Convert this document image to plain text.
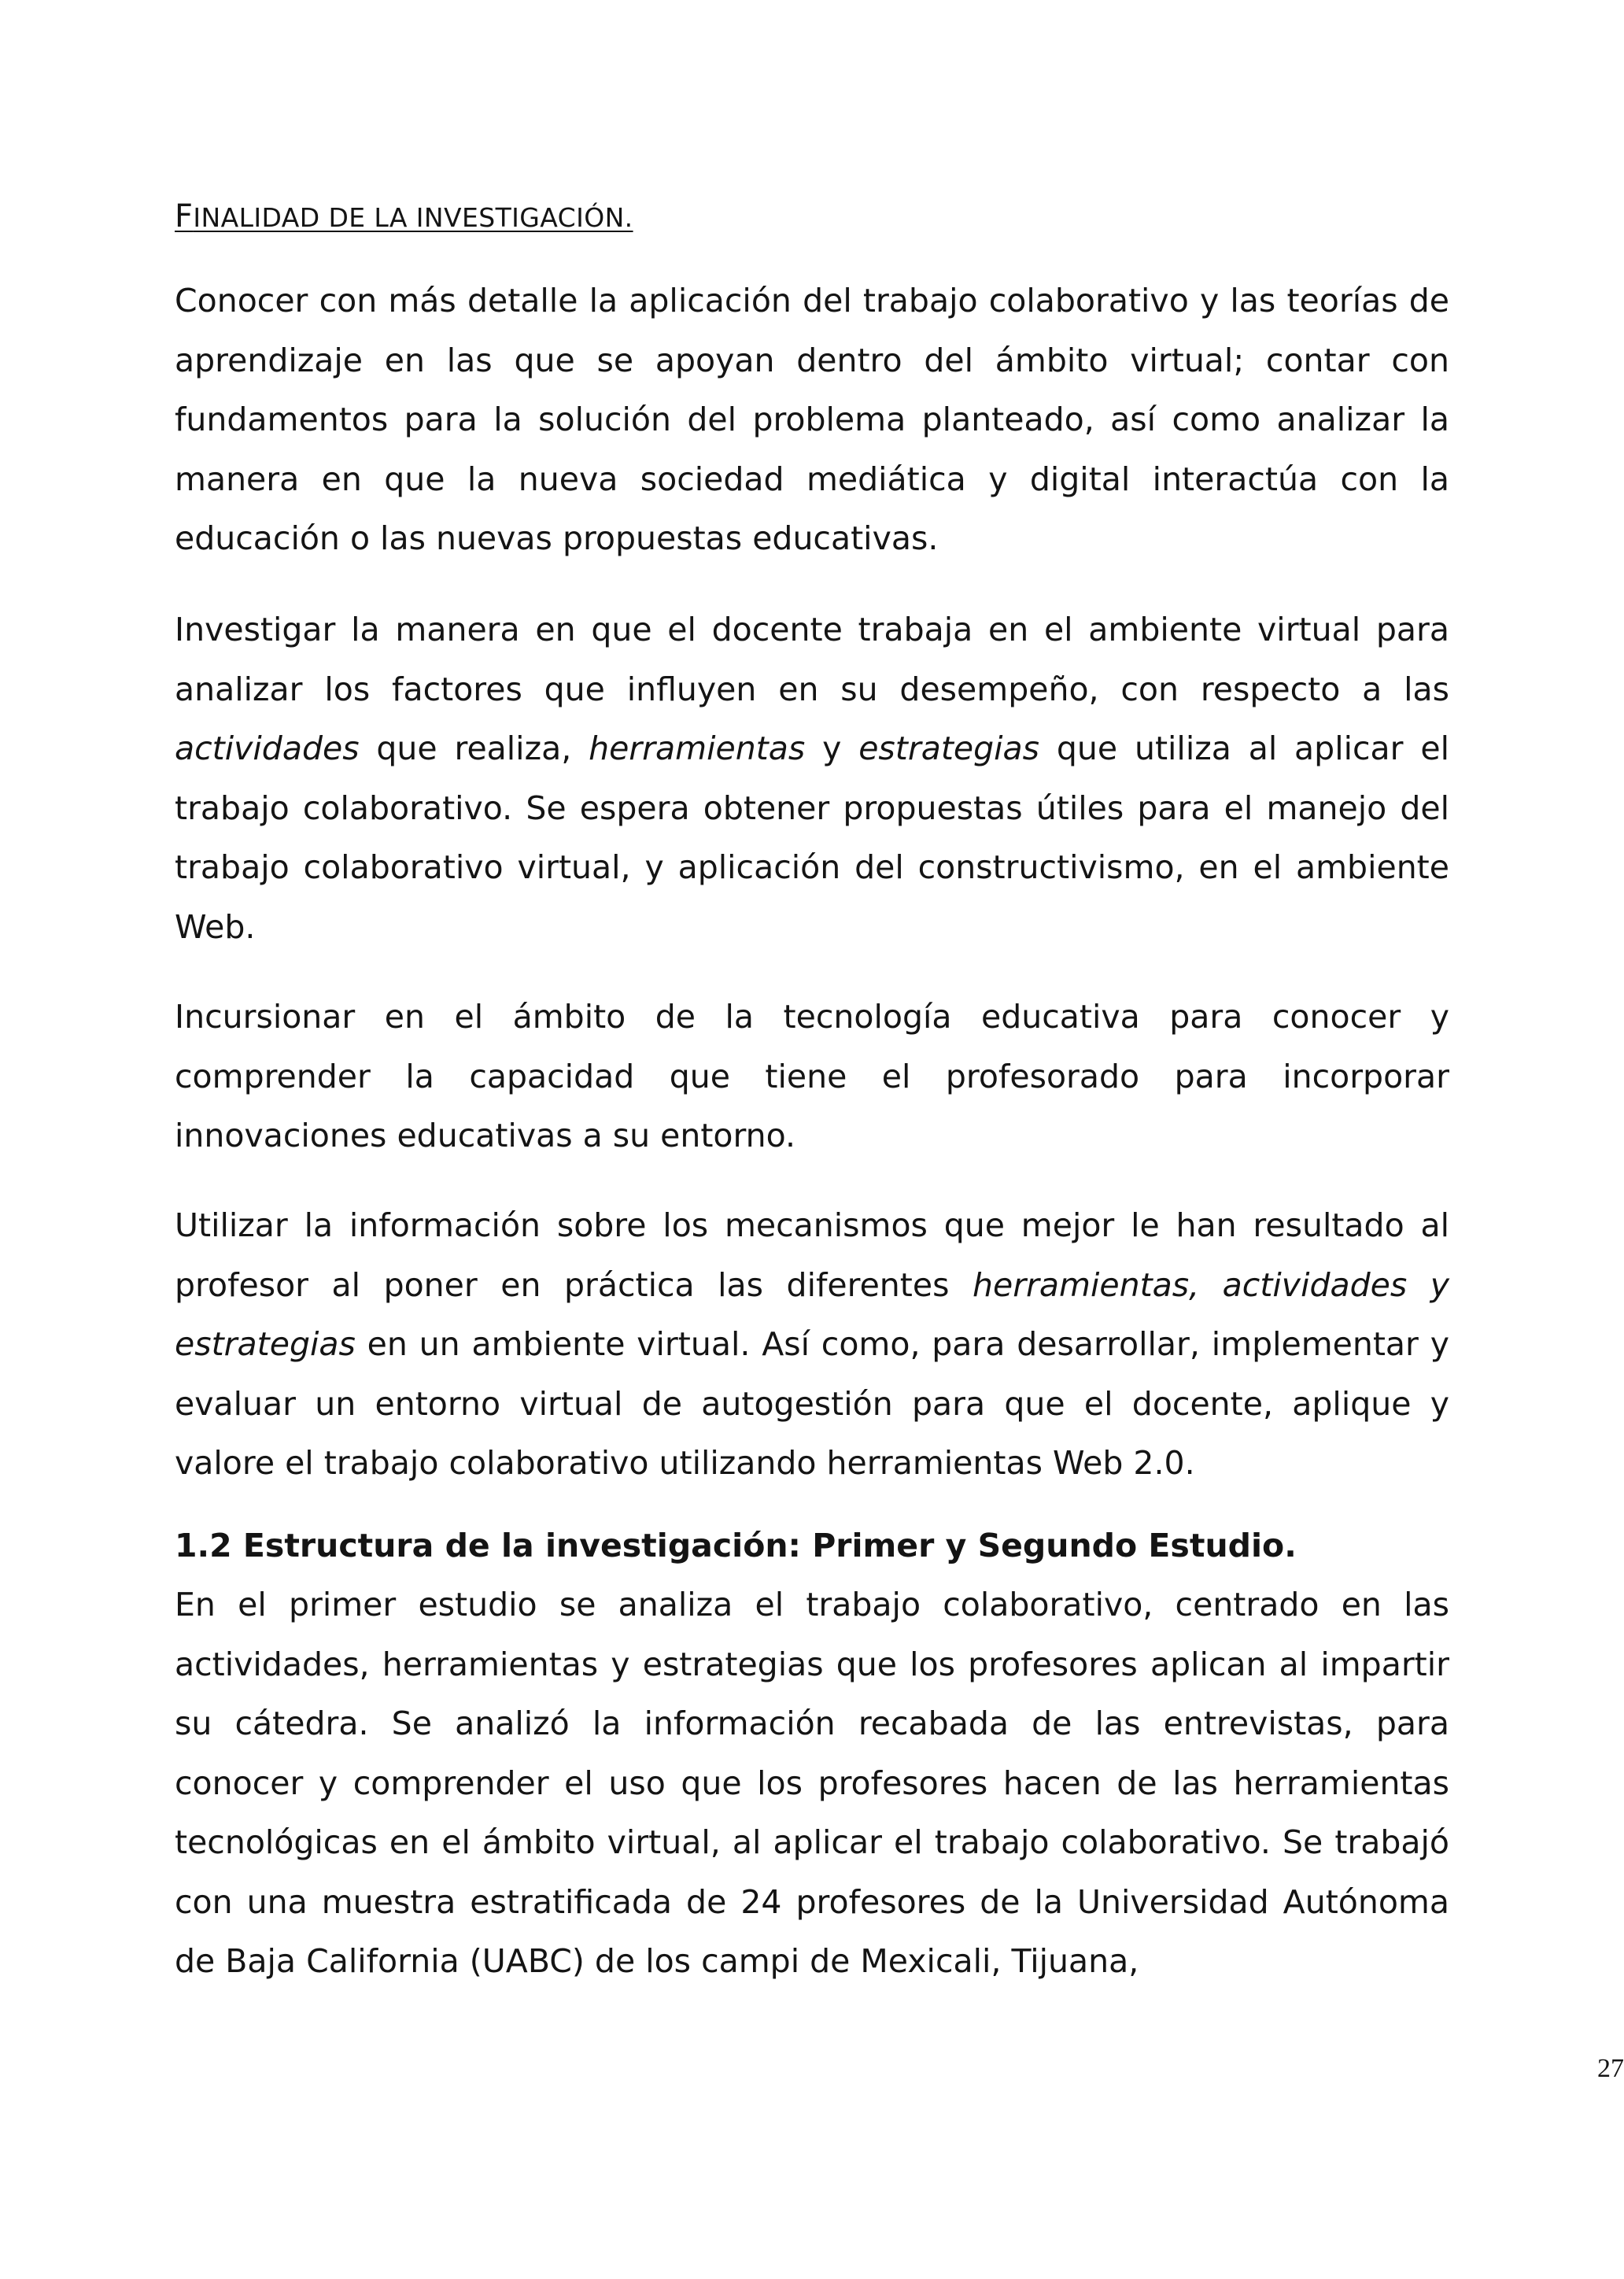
FINALIDAD DE LA INVESTIGACIÓN.

Conocer con más detalle la aplicación del trabajo colaborativo y las teorías de aprendizaje en las que se apoyan dentro del ámbito virtual; contar con fundamentos para la solución del problema planteado, así como analizar la manera en que la nueva sociedad mediática y digital interactúa con la educación o las nuevas propuestas educativas.

Investigar la manera en que el docente trabaja en el ambiente virtual para analizar los factores que influyen en su desempeño, con respecto a las actividades que realiza, herramientas y estrategias que utiliza al aplicar el trabajo colaborativo. Se espera obtener propuestas útiles para el manejo del trabajo colaborativo virtual, y aplicación del constructivismo, en el ambiente Web.

Incursionar en el ámbito de la tecnología educativa para conocer y comprender la capacidad que tiene el profesorado para incorporar innovaciones educativas a su entorno.

Utilizar la información sobre los mecanismos que mejor le han resultado al profesor al poner en práctica las diferentes herramientas, actividades y estrategias en un ambiente virtual. Así como, para desarrollar, implementar y evaluar un entorno virtual de autogestión para que el docente, aplique y valore el trabajo colaborativo utilizando herramientas Web 2.0.

1.2 Estructura de la investigación: Primer y Segundo Estudio.

En el primer estudio se analiza el trabajo colaborativo, centrado en las actividades, herramientas y estrategias que los profesores aplican al impartir su cátedra. Se analizó la información recabada de las entrevistas, para conocer y comprender el uso que los profesores hacen de las herramientas tecnológicas en el ámbito virtual, al aplicar el trabajo colaborativo. Se trabajó con una muestra estratificada de 24 profesores de la Universidad Autónoma de Baja California (UABC) de los campi de Mexicali, Tijuana,

27
